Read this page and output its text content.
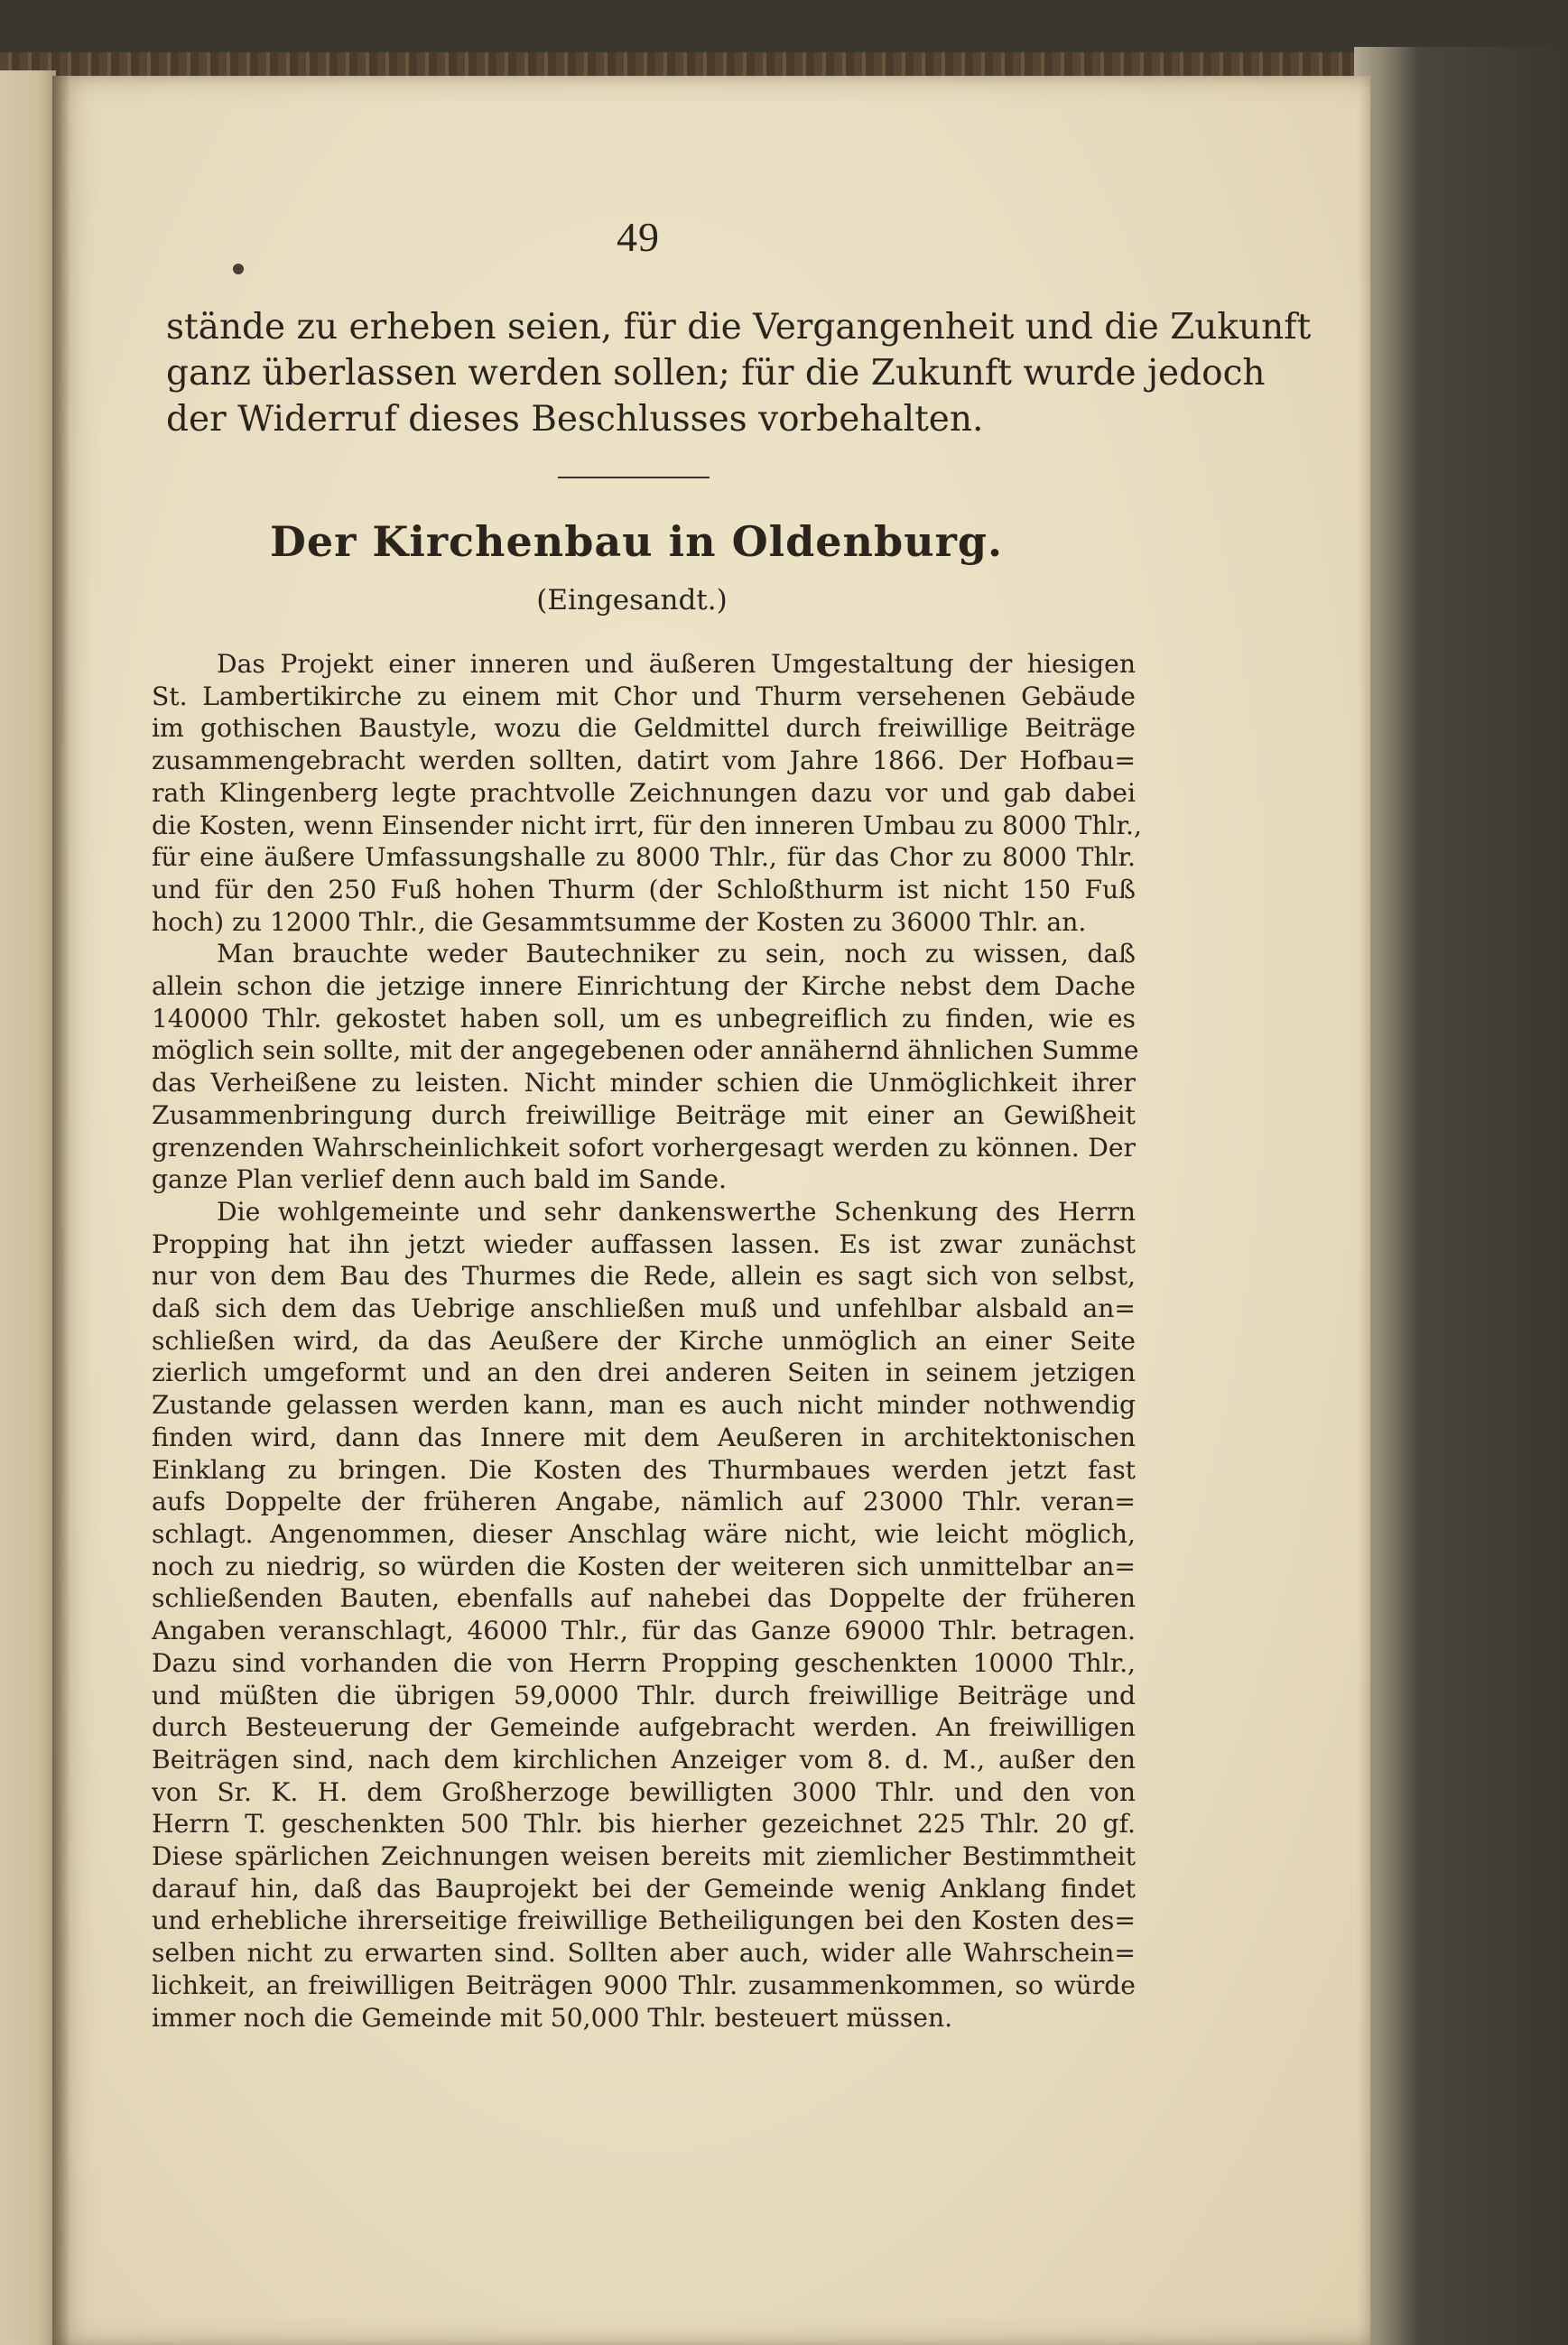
49
stände zu erheben seien, für die Vergangenheit und die Zukunft
ganz überlassen werden sollen; für die Zukunft wurde jedoch
der Widerruf dieses Beschlusses vorbehalten.
Der Kirchenbau in Oldenburg.
(Eingesandt.)
Das Projekt einer inneren und äußeren Umgestaltung der hiesigen
St. Lambertikirche zu einem mit Chor und Thurm versehenen Gebäude
im gothischen Baustyle, wozu die Geldmittel durch freiwillige Beiträge
zusammengebracht werden sollten, datirt vom Jahre 1866. Der Hofbau=
rath Klingenberg legte prachtvolle Zeichnungen dazu vor und gab dabei
die Kosten, wenn Einsender nicht irrt, für den inneren Umbau zu 8000 Thlr.,
für eine äußere Umfassungshalle zu 8000 Thlr., für das Chor zu 8000 Thlr.
und für den 250 Fuß hohen Thurm (der Schloßthurm ist nicht 150 Fuß
hoch) zu 12000 Thlr., die Gesammtsumme der Kosten zu 36000 Thlr. an.
Man brauchte weder Bautechniker zu sein, noch zu wissen, daß
allein schon die jetzige innere Einrichtung der Kirche nebst dem Dache
140000 Thlr. gekostet haben soll, um es unbegreiflich zu finden, wie es
möglich sein sollte, mit der angegebenen oder annähernd ähnlichen Summe
das Verheißene zu leisten. Nicht minder schien die Unmöglichkeit ihrer
Zusammenbringung durch freiwillige Beiträge mit einer an Gewißheit
grenzenden Wahrscheinlichkeit sofort vorhergesagt werden zu können. Der
ganze Plan verlief denn auch bald im Sande.
Die wohlgemeinte und sehr dankenswerthe Schenkung des Herrn
Propping hat ihn jetzt wieder auffassen lassen. Es ist zwar zunächst
nur von dem Bau des Thurmes die Rede, allein es sagt sich von selbst,
daß sich dem das Uebrige anschließen muß und unfehlbar alsbald an=
schließen wird, da das Aeußere der Kirche unmöglich an einer Seite
zierlich umgeformt und an den drei anderen Seiten in seinem jetzigen
Zustande gelassen werden kann, man es auch nicht minder nothwendig
finden wird, dann das Innere mit dem Aeußeren in architektonischen
Einklang zu bringen. Die Kosten des Thurmbaues werden jetzt fast
aufs Doppelte der früheren Angabe, nämlich auf 23000 Thlr. veran=
schlagt. Angenommen, dieser Anschlag wäre nicht, wie leicht möglich,
noch zu niedrig, so würden die Kosten der weiteren sich unmittelbar an=
schließenden Bauten, ebenfalls auf nahebei das Doppelte der früheren
Angaben veranschlagt, 46000 Thlr., für das Ganze 69000 Thlr. betragen.
Dazu sind vorhanden die von Herrn Propping geschenkten 10000 Thlr.,
und müßten die übrigen 59,0000 Thlr. durch freiwillige Beiträge und
durch Besteuerung der Gemeinde aufgebracht werden. An freiwilligen
Beiträgen sind, nach dem kirchlichen Anzeiger vom 8. d. M., außer den
von Sr. K. H. dem Großherzoge bewilligten 3000 Thlr. und den von
Herrn T. geschenkten 500 Thlr. bis hierher gezeichnet 225 Thlr. 20 gf.
Diese spärlichen Zeichnungen weisen bereits mit ziemlicher Bestimmtheit
darauf hin, daß das Bauprojekt bei der Gemeinde wenig Anklang findet
und erhebliche ihrerseitige freiwillige Betheiligungen bei den Kosten des=
selben nicht zu erwarten sind. Sollten aber auch, wider alle Wahrschein=
lichkeit, an freiwilligen Beiträgen 9000 Thlr. zusammenkommen, so würde
immer noch die Gemeinde mit 50,000 Thlr. besteuert müssen.
